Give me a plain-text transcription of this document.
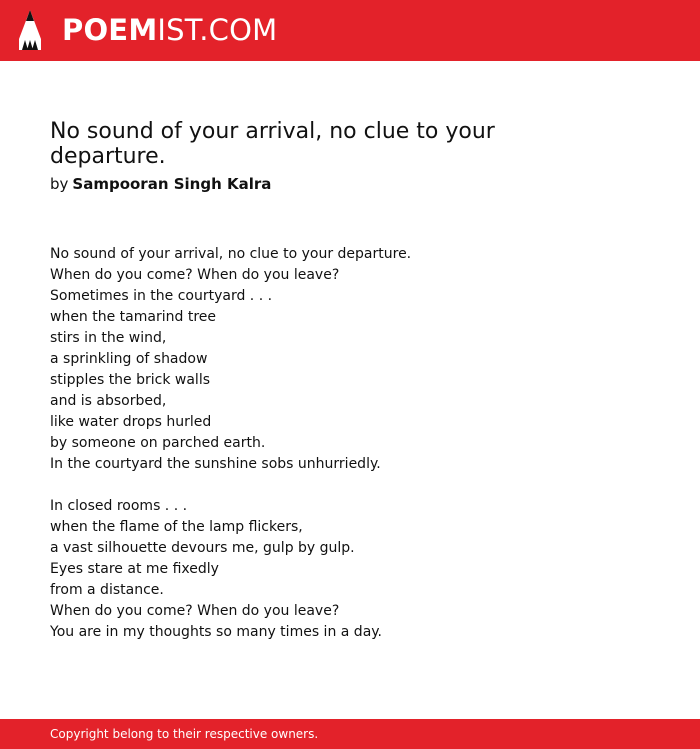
POEMIST.COM
No sound of your arrival, no clue to your departure.
by Sampooran Singh Kalra
No sound of your arrival, no clue to your departure.
When do you come? When do you leave?
Sometimes in the courtyard . . .
when the tamarind tree
stirs in the wind,
a sprinkling of shadow
stipples the brick walls
and is absorbed,
like water drops hurled
by someone on parched earth.
In the courtyard the sunshine sobs unhurriedly.
In closed rooms . . .
when the flame of the lamp flickers,
a vast silhouette devours me, gulp by gulp.
Eyes stare at me fixedly
from a distance.
When do you come? When do you leave?
You are in my thoughts so many times in a day.
Copyright belong to their respective owners.
